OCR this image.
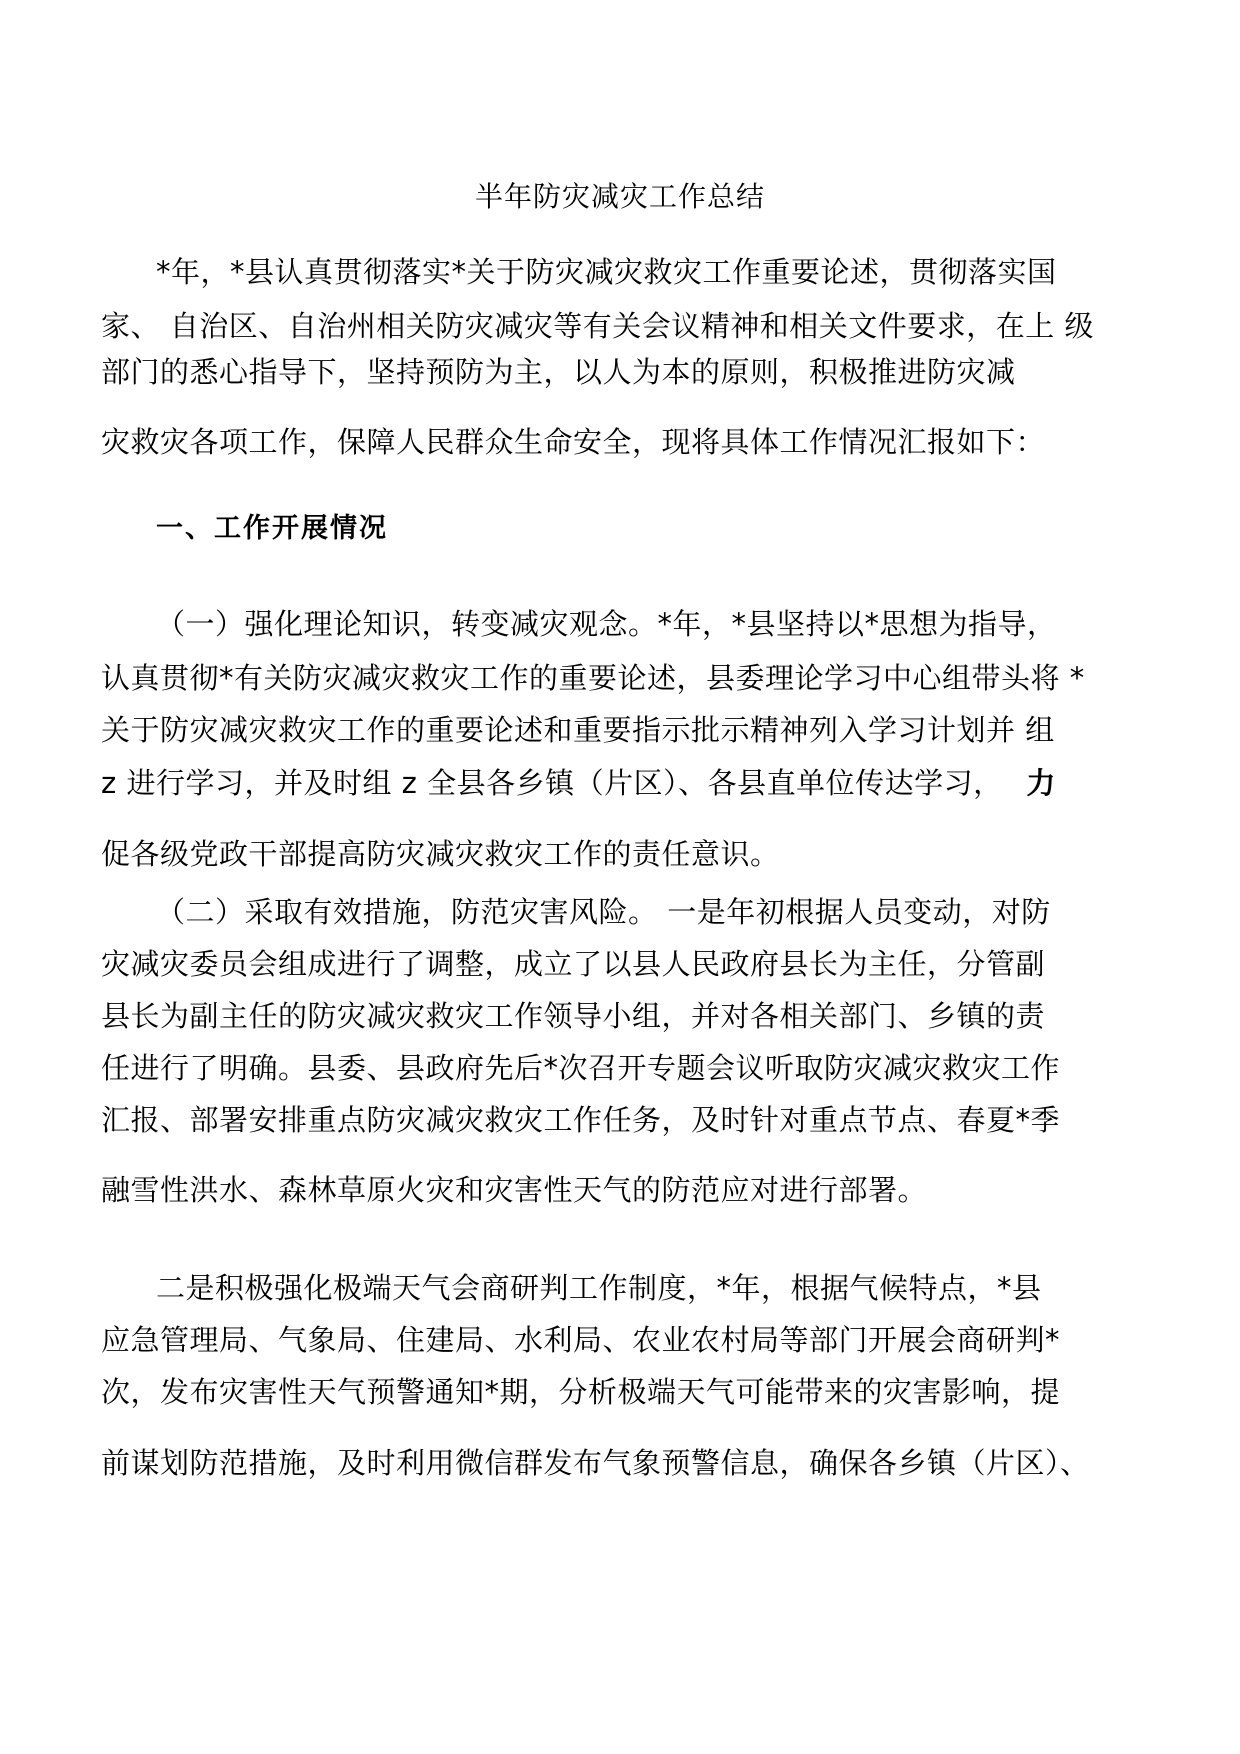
半年防灾减灾工作总结
*年，*县认真贯彻落实*关于防灾减灾救灾工作重要论述，贯彻落实国
家、 自治区、自治州相关防灾减灾等有关会议精神和相关文件要求，在上 级
部门的悉心指导下，坚持预防为主，以人为本的原则，积极推进防灾减
灾救灾各项工作，保障人民群众生命安全，现将具体工作情况汇报如下：
一、工作开展情况
（一）强化理论知识，转变减灾观念。*年，*县坚持以*思想为指导，
认真贯彻*有关防灾减灾救灾工作的重要论述，县委理论学习中心组带头将 *
关于防灾减灾救灾工作的重要论述和重要指示批示精神列入学习计划并 组
z 进行学习，并及时组 z 全县各乡镇（片区）、各县直单位传达学习， 力
促各级党政干部提高防灾减灾救灾工作的责任意识。
（二）采取有效措施，防范灾害风险。 一是年初根据人员变动，对防
灾减灾委员会组成进行了调整，成立了以县人民政府县长为主任，分管副
县长为副主任的防灾减灾救灾工作领导小组，并对各相关部门、乡镇的责
任进行了明确。县委、县政府先后*次召开专题会议听取防灾减灾救灾工作
汇报、部署安排重点防灾减灾救灾工作任务，及时针对重点节点、春夏*季
融雪性洪水、森林草原火灾和灾害性天气的防范应对进行部署。
二是积极强化极端天气会商研判工作制度，*年，根据气候特点，*县
应急管理局、气象局、住建局、水利局、农业农村局等部门开展会商研判*
次，发布灾害性天气预警通知*期，分析极端天气可能带来的灾害影响，提
前谋划防范措施，及时利用微信群发布气象预警信息，确保各乡镇（片区）、
